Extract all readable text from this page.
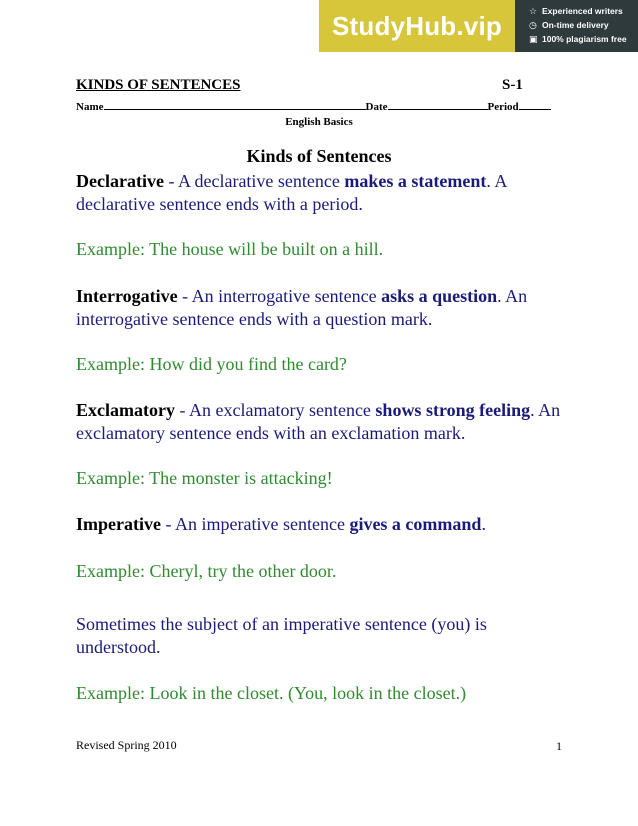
StudyHub.vip	☆ Experienced writers
◷ On-time delivery
▣ 100% plagiarism free
KINDS OF SENTENCES	S-1
Name	Date	Period
English Basics
Kinds of Sentences
Declarative - A declarative sentence makes a statement. A declarative sentence ends with a period.
Example: The house will be built on a hill.
Interrogative - An interrogative sentence asks a question. An interrogative sentence ends with a question mark.
Example: How did you find the card?
Exclamatory - An exclamatory sentence shows strong feeling. An exclamatory sentence ends with an exclamation mark.
Example: The monster is attacking!
Imperative - An imperative sentence gives a command.
Example: Cheryl, try the other door.
Sometimes the subject of an imperative sentence (you) is understood.
Example: Look in the closet. (You, look in the closet.)
Revised Spring 2010	1
